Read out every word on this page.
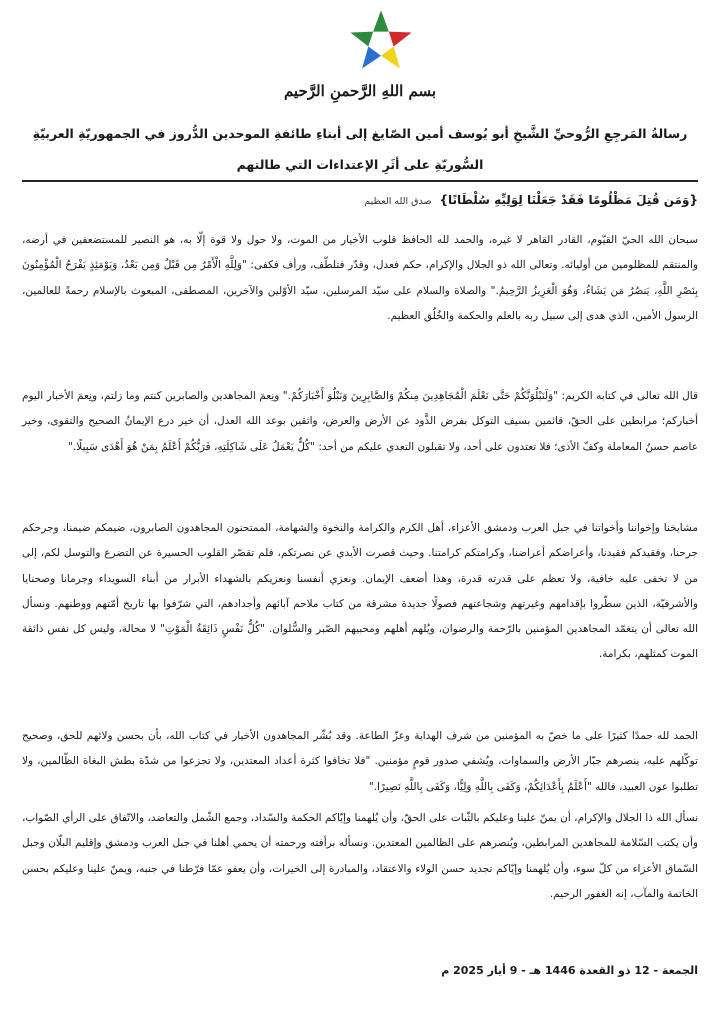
بسم اللهِ الرَّحمنِ الرَّحيم
رسالةُ المَرجِعِ الرُّوحيِّ الشَّيخِ أبو يُوسف أمين الصّايغ إلى أبناءِ طائفةِ الموحدين الدُّروز في الجمهوريّةِ العربيّةِ السُّوريّةِ على أثَرِ الإعتداءات التي طالتهم
{وَمَن قُتِلَ مَظْلُومًا فَقَدْ جَعَلْنَا لِوَلِيِّهِ سُلْطَانًا} صدق الله العظيم

سبحان الله الحيّ القيّوم، القادر القاهر لا غيره، والحمد لله الحافظ قلوب الأخيار من الموت، ولا حول ولا قوة إلّا به، هو النصير للمستضعفين في أرضه، والمنتقم للمظلومين من أوليائه. وتعالى الله ذو الجلال والإكرام، حكم فعدل، وقدّر فتلطّف، ورأف فكفى: "وَلِلَّهِ الْأَمْرُ مِن قَبْلُ وَمِن بَعْدُ، وَيَوْمَئِذٍ يَفْرَحُ الْمُؤْمِنُونَ بِنَصْرِ اللَّهِ، يَنصُرُ مَن يَشَاءُ، وَهُوَ الْعَزِيزُ الرَّحِيمُ." والصلاة والسلام على سيّد المرسلين، سيّد الأوّلين والآخرين، المصطفى، المبعوث بالإسلام رحمةً للعالمين، الرسول الأمين، الذي هدى إلى سبيل ربه بالعلم والحكمة والخُلُق العظيم.

قال الله تعالى في كتابه الكريم: "وَلَنَبْلُوَنَّكُمْ حَتَّى نَعْلَمَ الْمُجَاهِدِينَ مِنكُمْ وَالصَّابِرِينَ وَنَبْلُوَ أَخْبَارَكُمْ." ونِعمَ المجاهدين والصابرين كنتم وما زلتم، ونِعمَ الأخبار اليوم أخباركم؛ مرابطين على الحقّ، قائمين بسيف التوكل بفرض الذَّود عن الأرض والعرض، واثقين بوعد الله العدل، أن خير درع الإيمانُ الصحيح والتقوى، وخير عاصم حسنُ المعاملة وكفّ الأذى؛ فلا تعتدون على أحد، ولا تقبلون التعدي عليكم من أحد: "كُلٌّ يَعْمَلُ عَلَى شَاكِلَتِهِ، فَرَبُّكُمْ أَعْلَمُ بِمَنْ هُوَ أَهْدَى سَبِيلًا."

مشايخنا وإخواننا وأخواتنا في جبل العرب ودمشق الأعزاء، أهل الكرم والكرامة والنخوة والشهامة، الممتحنون المجاهدون الصابرون، ضيمكم ضيمنا، وجرحكم جرحنا، وفقيدكم فقيدنا، وأعراضكم أعراضنا، وكرامتكم كرامتنا. وحيث قصرت الأيدي عن نصرتكم، فلم تقصّر القلوب الحسيرة عن التضرع والتوسل لكم، إلى من لا تخفى عليه خافية، ولا تعظم على قدرته قدرة، وهذا أضعف الإيمان. ونعزي أنفسنا ونعزيكم بالشهداء الأبرار من أبناء السويداء وجرمانا وصحنايا والأشرفيّة، الذين سطّروا بإقدامهم وغيرتهم وشجاعتهم فصولًا جديدة مشرقة من كتاب ملاحم آبائهم وأجدادهم، التي شرّفوا بها تاريخ أمّتهم ووطنهم. ونسأل الله تعالى أن يتغمّد المجاهدين المؤمنين بالرّحمة والرضوان، ويُلهم أهلهم ومحبيهم الصّبر والسُّلوان. "كُلُّ نَفْسٍ ذَائِقَةُ الْمَوْتِ" لا محالة، وليس كل نفس ذائقة الموت كمثلهم، بكرامة.

الحمد لله حمدًا كثيرًا على ما خصّ به المؤمنين من شرف الهداية وعزّ الطاعة. وقد بُشّر المجاهدون الأخيار في كتاب الله، بأن بحسن ولائهم للحق، وصحيح توكّلهم عليه، ينصرهم جبّار الأرض والسماوات، ويُشفي صدور قومٍ مؤمنين. "فلا تخافوا كثرة أعداد المعتدين، ولا تجزعوا من شدّة بطش البغاة الظّالمين، ولا تطلبوا عون العبيد، فالله "أَعْلَمُ بِأَعْدَائِكُمْ، وَكَفَى بِاللَّهِ وَلِيًّا، وَكَفَى بِاللَّهِ نَصِيرًا."

نسأل الله ذا الجلال والإكرام، أن يمنّ علينا وعليكم بالثّبات على الحقّ، وأن يُلهمنا وإيّاكم الحكمة والسّداد، وجمع الشّمل والتعاضد، والاتّفاق على الرأي الصّواب، وأن يكتب السّلامة للمجاهدين المرابطين، ويُنصرهم على الظالمين المعتدين. ونسأله برأفته ورحمته أن يحمي أهلنا في جبل العرب ودمشق وإقليم البلّان وجبل السّماق الأعزاء من كلّ سوء، وأن يُلهمنا وإيّاكم تجديد حسن الولاء والاعتقاد، والمبادرة إلى الخيرات، وأن يعفو عمّا فرّطنا في جنبه، ويمنّ علينا وعليكم بحسن الخاتمة والمآب، إنه الغفور الرحيم.

الجمعة - 12 ذو القعدة 1446 هـ - 9 أيار 2025 م
